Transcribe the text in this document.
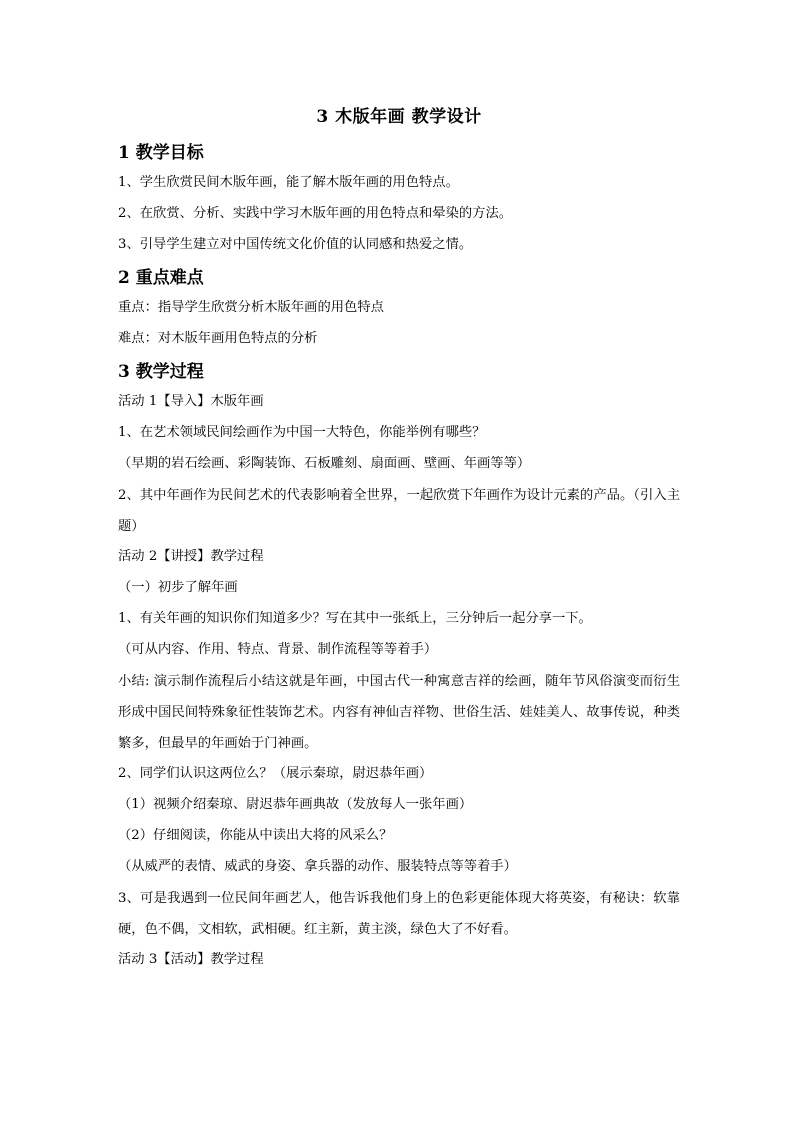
3 木版年画 教学设计
1 教学目标
1、学生欣赏民间木版年画，能了解木版年画的用色特点。
2、在欣赏、分析、实践中学习木版年画的用色特点和晕染的方法。
3、引导学生建立对中国传统文化价值的认同感和热爱之情。
2 重点难点
重点：指导学生欣赏分析木版年画的用色特点
难点：对木版年画用色特点的分析
3 教学过程
活动 1【导入】木版年画
1、在艺术领域民间绘画作为中国一大特色，你能举例有哪些？
（早期的岩石绘画、彩陶装饰、石板雕刻、扇面画、壁画、年画等等）
2、其中年画作为民间艺术的代表影响着全世界，一起欣赏下年画作为设计元素的产品。（引入主题）
活动 2【讲授】教学过程
（一）初步了解年画
1、有关年画的知识你们知道多少？写在其中一张纸上，三分钟后一起分享一下。
（可从内容、作用、特点、背景、制作流程等等着手）
小结: 演示制作流程后小结这就是年画，中国古代一种寓意吉祥的绘画，随年节风俗演变而衍生形成中国民间特殊象征性装饰艺术。内容有神仙吉祥物、世俗生活、娃娃美人、故事传说，种类繁多，但最早的年画始于门神画。
2、同学们认识这两位么？（展示秦琼，尉迟恭年画）
（1）视频介绍秦琼、尉迟恭年画典故（发放每人一张年画）
（2）仔细阅读，你能从中读出大将的风采么？
（从威严的表情、威武的身姿、拿兵器的动作、服装特点等等着手）
3、可是我遇到一位民间年画艺人，他告诉我他们身上的色彩更能体现大将英姿，有秘诀：软靠硬，色不偶，文相软，武相硬。红主新，黄主淡，绿色大了不好看。
活动 3【活动】教学过程
